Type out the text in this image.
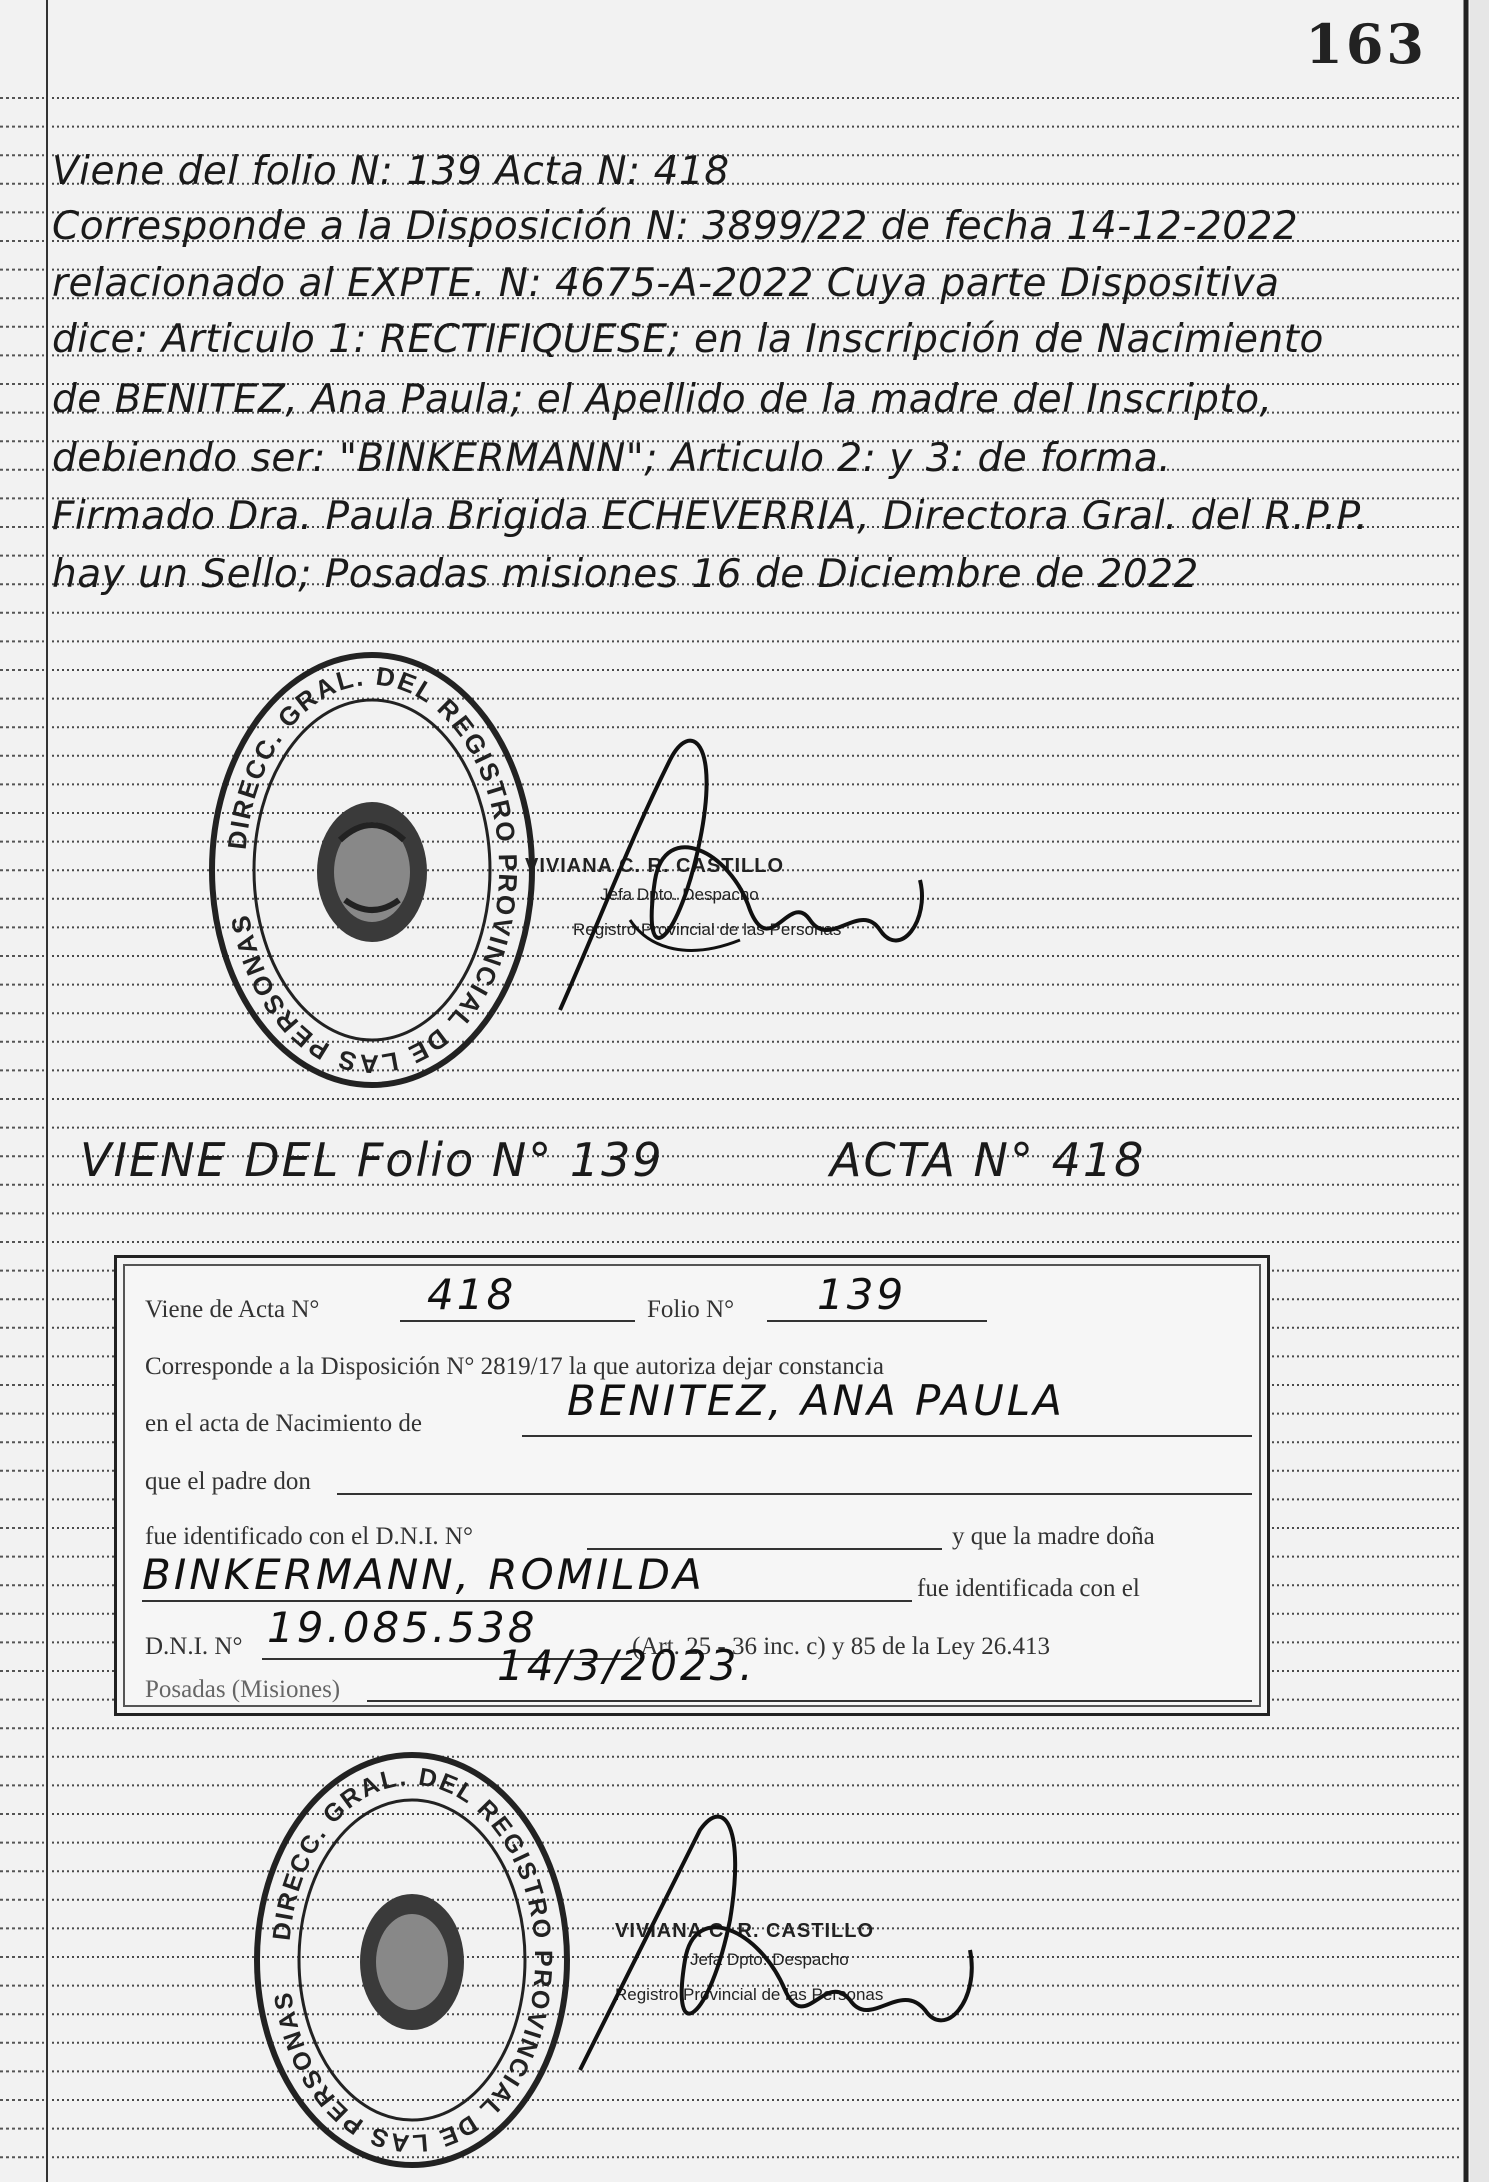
163
Viene del folio N: 139 Acta N: 418
Corresponde a la Disposición N: 3899/22 de fecha 14-12-2022
relacionado al EXPTE. N: 4675-A-2022 Cuya parte Dispositiva
dice: Articulo 1: RECTIFIQUESE; en la Inscripción de Nacimiento
de BENITEZ, Ana Paula; el Apellido de la madre del Inscripto,
debiendo ser: "BINKERMANN"; Articulo 2: y 3: de forma.
Firmado Dra. Paula Brigida ECHEVERRIA, Directora Gral. del R.P.P.
hay un Sello; Posadas misiones 16 de Diciembre de 2022
DIRECC. GRAL. DEL REGISTRO PROVINCIAL DE LAS PERSONAS
VIVIANA C. R. CASTILLO
Jefa Dpto. Despacho
Registro Provincial de las Personas
VIENE DEL Folio N° 139	ACTA N° 418
Viene de Acta N°	418	Folio N° 139
Corresponde a la Disposición N° 2819/17 la que autoriza dejar constancia
en el acta de Nacimiento de	BENITEZ, ANA PAULA
que el padre don
fue identificado con el D.N.I. N°	y que la madre doña
BINKERMANN, ROMILDA	fue identificada con el
D.N.I. N° 19.085.538	(Art. 25 - 36 inc. c) y 85 de la Ley 26.413
Posadas (Misiones)	14/3/2023.
DIRECC. GRAL. DEL REGISTRO PROVINCIAL DE LAS PERSONAS
VIVIANA C. R. CASTILLO
Jefa Dpto. Despacho
Registro Provincial de las Personas
